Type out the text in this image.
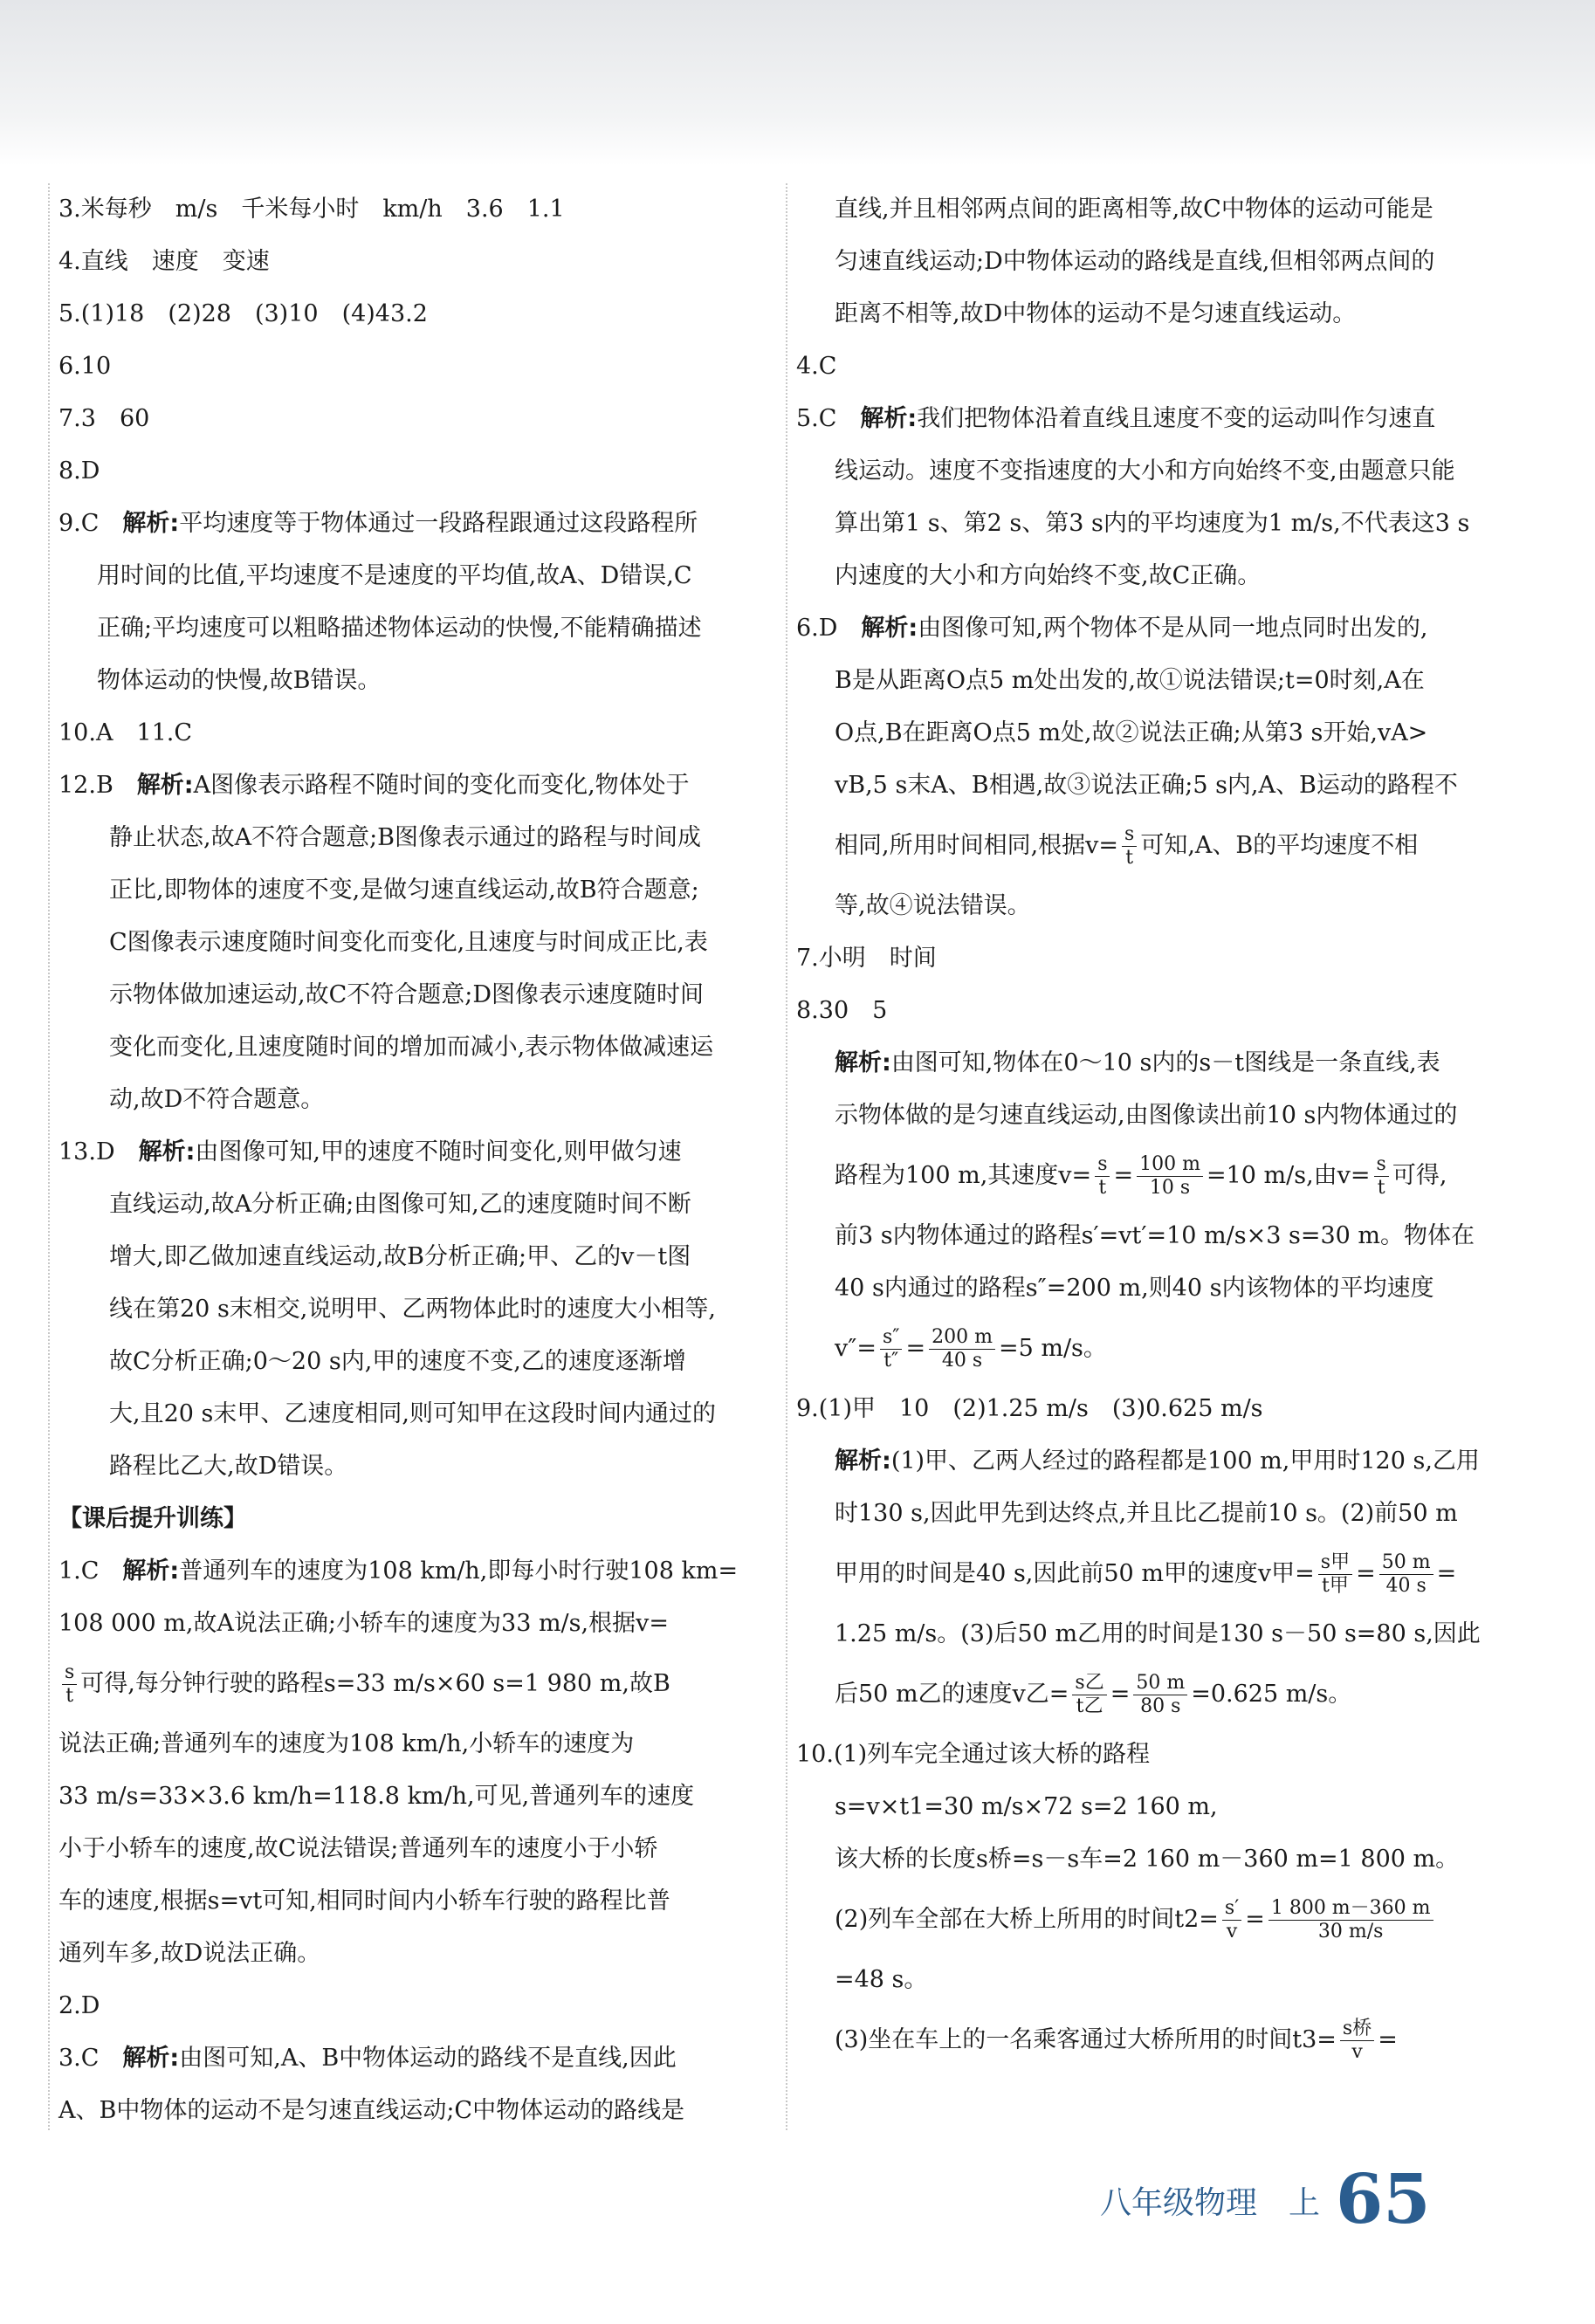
3.米每秒　m/s　千米每小时　km/h　3.6　1.1
4.直线　速度　变速
5.(1)18　(2)28　(3)10　(4)43.2
6.10
7.3　60
8.D
9.C　解析:平均速度等于物体通过一段路程跟通过这段路程所
用时间的比值,平均速度不是速度的平均值,故A、D错误,C
正确;平均速度可以粗略描述物体运动的快慢,不能精确描述
物体运动的快慢,故B错误。
10.A　11.C
12.B　解析:A图像表示路程不随时间的变化而变化,物体处于
静止状态,故A不符合题意;B图像表示通过的路程与时间成
正比,即物体的速度不变,是做匀速直线运动,故B符合题意;
C图像表示速度随时间变化而变化,且速度与时间成正比,表
示物体做加速运动,故C不符合题意;D图像表示速度随时间
变化而变化,且速度随时间的增加而减小,表示物体做减速运
动,故D不符合题意。
13.D　解析:由图像可知,甲的速度不随时间变化,则甲做匀速
直线运动,故A分析正确;由图像可知,乙的速度随时间不断
增大,即乙做加速直线运动,故B分析正确;甲、乙的v－t图
线在第20 s末相交,说明甲、乙两物体此时的速度大小相等,
故C分析正确;0～20 s内,甲的速度不变,乙的速度逐渐增
大,且20 s末甲、乙速度相同,则可知甲在这段时间内通过的
路程比乙大,故D错误。
【课后提升训练】
1.C　解析:普通列车的速度为108 km/h,即每小时行驶108 km=
108 000 m,故A说法正确;小轿车的速度为33 m/s,根据v=
$\frac{s}{t}$ 可得,每分钟行驶的路程s=33 m/s×60 s=1 980 m,故B
说法正确;普通列车的速度为108 km/h,小轿车的速度为
33 m/s=33×3.6 km/h=118.8 km/h,可见,普通列车的速度
小于小轿车的速度,故C说法错误;普通列车的速度小于小轿
车的速度,根据s=vt可知,相同时间内小轿车行驶的路程比普
通列车多,故D说法正确。
2.D
3.C　解析:由图可知,A、B中物体运动的路线不是直线,因此
A、B中物体的运动不是匀速直线运动;C中物体运动的路线是
直线,并且相邻两点间的距离相等,故C中物体的运动可能是
匀速直线运动;D中物体运动的路线是直线,但相邻两点间的
距离不相等,故D中物体的运动不是匀速直线运动。
4.C
5.C　解析:我们把物体沿着直线且速度不变的运动叫作匀速直
线运动。速度不变指速度的大小和方向始终不变,由题意只能
算出第1 s、第2 s、第3 s内的平均速度为1 m/s,不代表这3 s
内速度的大小和方向始终不变,故C正确。
6.D　解析:由图像可知,两个物体不是从同一地点同时出发的,
B是从距离O点5 m处出发的,故①说法错误;t=0时刻,A在
O点,B在距离O点5 m处,故②说法正确;从第3 s开始,vA>
vB,5 s末A、B相遇,故③说法正确;5 s内,A、B运动的路程不
相同,所用时间相同,根据$v= \frac{s}{t}$ 可知,A、B的平均速度不相
等,故④说法错误。
7.小明　时间
8.30　5
解析:由图可知,物体在0～10 s内的s－t图线是一条直线,表
示物体做的是匀速直线运动,由图像读出前10 s内物体通过的
路程为100 m,其速度$v= \frac{s}{t} = \frac{100 m}{10 s} =10$ m/s,由$v= \frac{s}{t}$ 可得,
前3 s内物体通过的路程s′=vt′=10 m/s×3 s=30 m。物体在
40 s内通过的路程s″=200 m,则40 s内该物体的平均速度
$v''= \frac{s''}{t''} = \frac{200 m}{40 s} =5$ m/s。
9.(1)甲　10　(2)1.25 m/s　(3)0.625 m/s
解析:(1)甲、乙两人经过的路程都是100 m,甲用时120 s,乙用
时130 s,因此甲先到达终点,并且比乙提前10 s。(2)前50 m
甲用的时间是40 s,因此前50 m甲的速度v甲= $\frac{\text{s甲}}{\text{t甲}} = \frac{50 m}{40 s}$ =
1.25 m/s。(3)后50 m乙用的时间是130 s－50 s=80 s,因此
后50 m乙的速度v乙= $\frac{\text{s乙}}{\text{t乙}} = \frac{50 m}{80 s} =0.625$ m/s。
10.(1)列车完全通过该大桥的路程
s=v×t1=30 m/s×72 s=2 160 m,
该大桥的长度s桥=s－s车=2 160 m－360 m=1 800 m。
(2)列车全部在大桥上所用的时间$t2= \frac{s'}{v} = \frac{1 800 m-360 m}{30 m/s}$
=48 s。
(3)坐在车上的一名乘客通过大桥所用的时间$t3= \frac{\text{s桥}}{v}$ =
八年级物理　上 65
